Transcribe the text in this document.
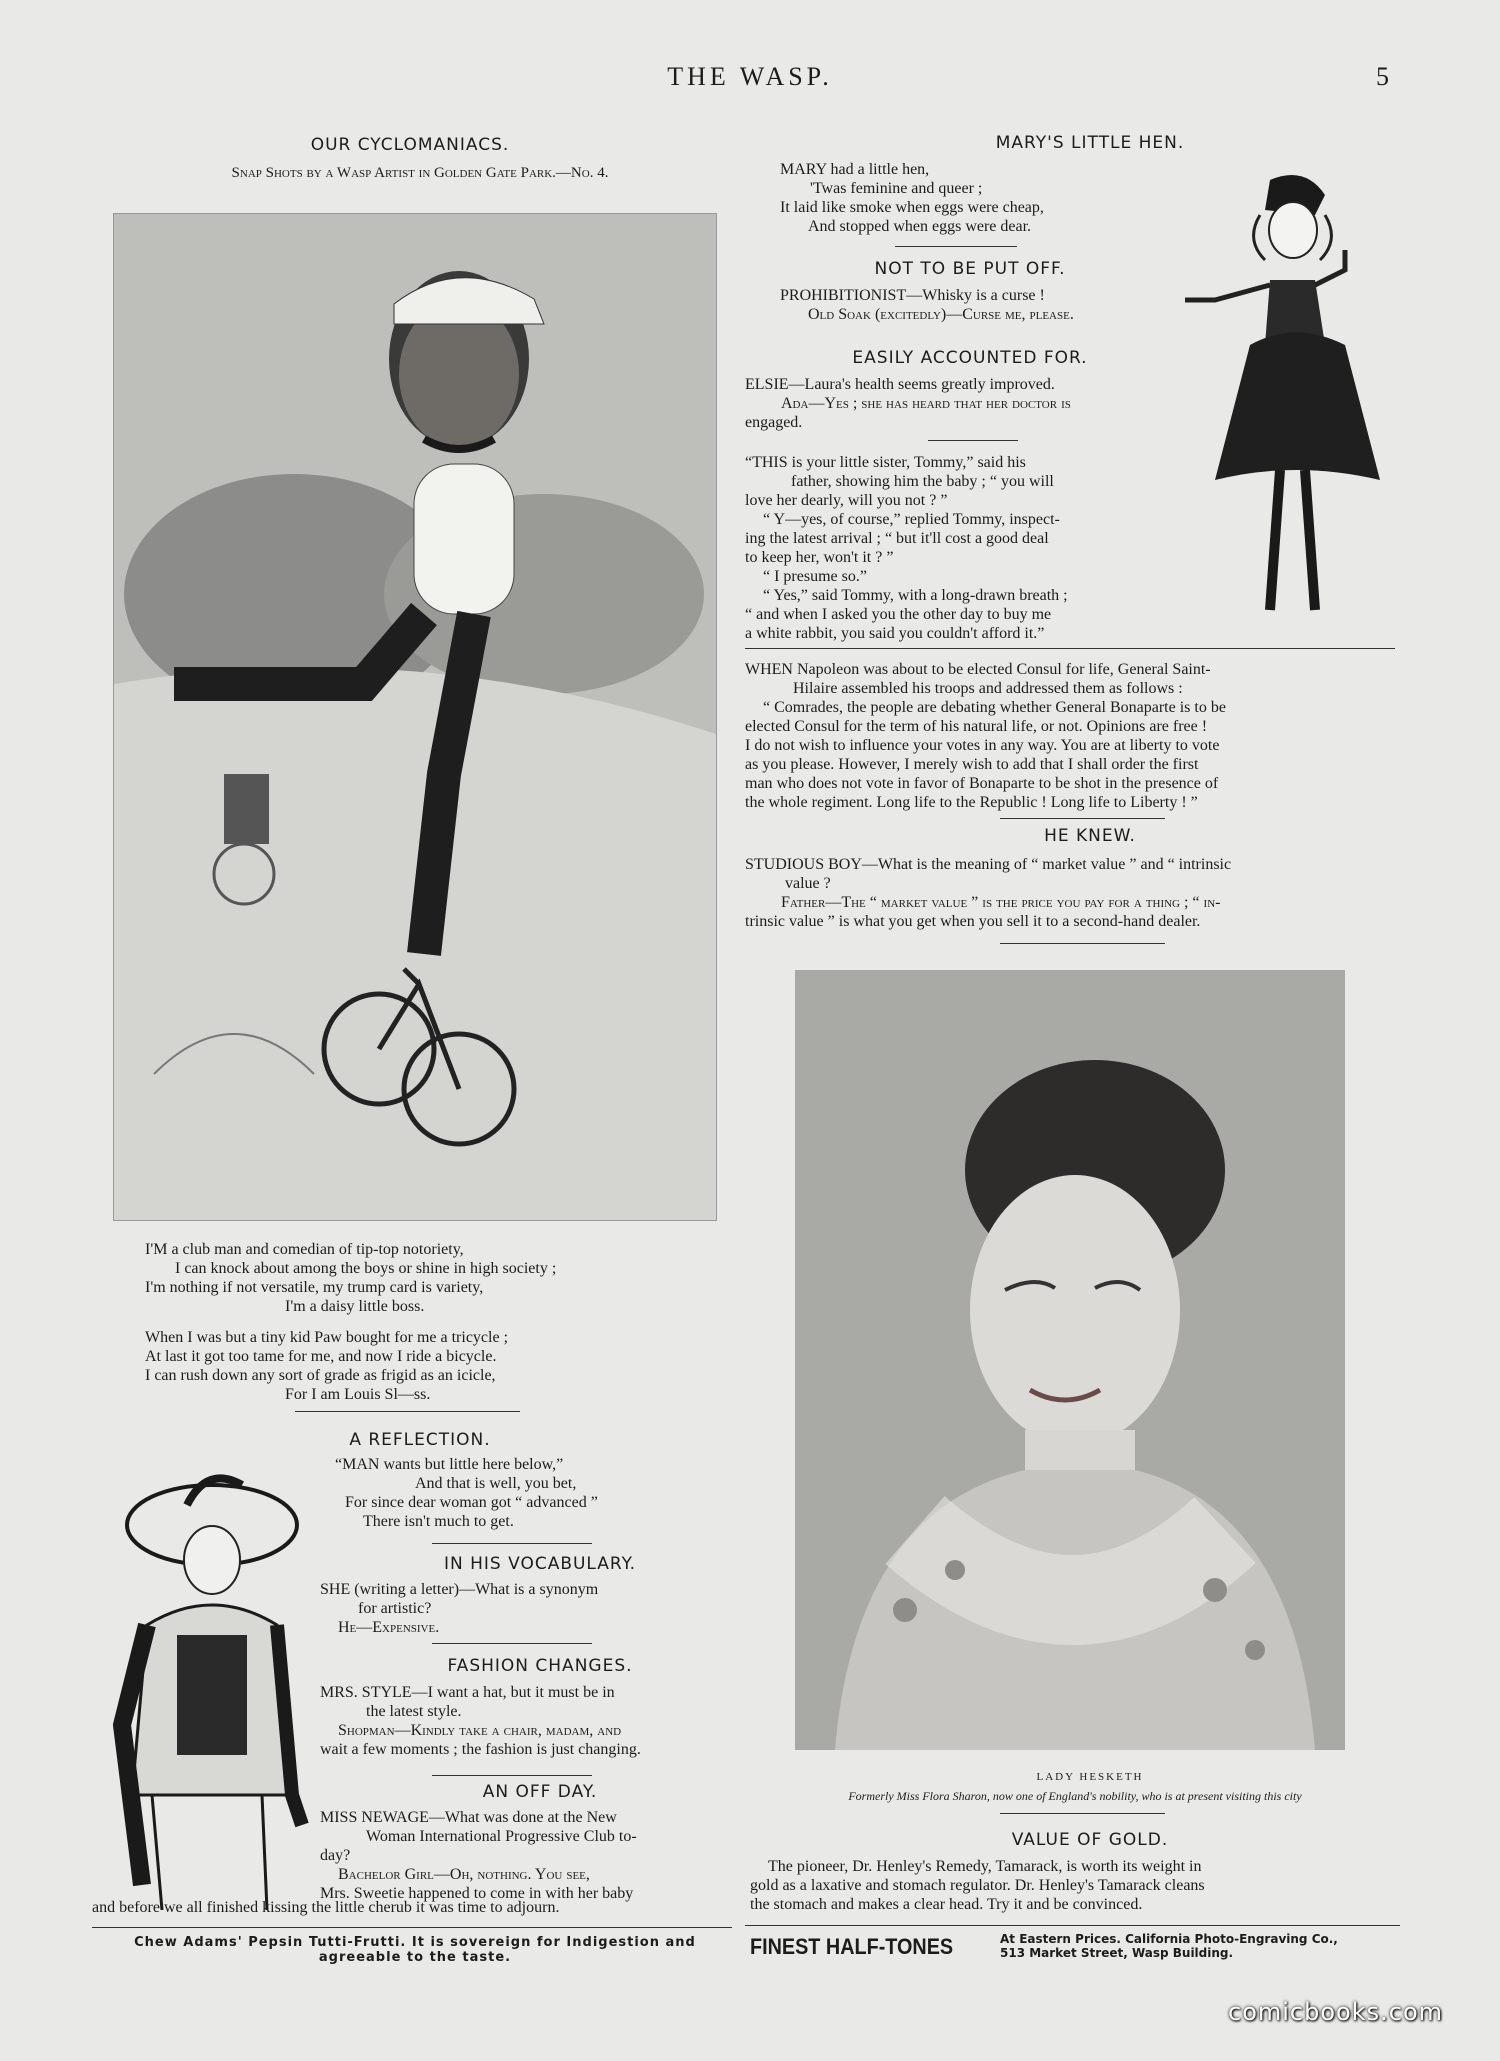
THE WASP.	5
OUR CYCLOMANIACS.
Snap Shots by a Wasp Artist in Golden Gate Park.—No. 4.

I'M a club man and comedian of tip-top notoriety,

I can knock about among the boys or shine in high society ;

I'm nothing if not versatile, my trump card is variety,

I'm a daisy little boss.

When I was but a tiny kid Paw bought for me a tricycle ;

At last it got too tame for me, and now I ride a bicycle.

I can rush down any sort of grade as frigid as an icicle,

For I am Louis Sl—ss.

A REFLECTION.

“MAN wants but little here below,”

And that is well, you bet,

For since dear woman got “ advanced ”

There isn't much to get.

IN HIS VOCABULARY.

SHE (writing a letter)—What is a synonym

for artistic?

He—Expensive.

FASHION CHANGES.

MRS. STYLE—I want a hat, but it must be in

the latest style.

Shopman—Kindly take a chair, madam, and

wait a few moments ; the fashion is just changing.

AN OFF DAY.

MISS NEWAGE—What was done at the New

Woman International Progressive Club to-

day?

Bachelor Girl—Oh, nothing. You see,

Mrs. Sweetie happened to come in with her baby

and before we all finished kissing the little cherub it was time to adjourn.
Chew Adams' Pepsin Tutti-Frutti. It is sovereign for Indigestion and agreeable to the taste.
MARY'S LITTLE HEN.

MARY had a little hen,

'Twas feminine and queer ;

It laid like smoke when eggs were cheap,

And stopped when eggs were dear.

NOT TO BE PUT OFF.

PROHIBITIONIST—Whisky is a curse !

Old Soak (excitedly)—Curse me, please.

EASILY ACCOUNTED FOR.

ELSIE—Laura's health seems greatly improved.

Ada—Yes ; she has heard that her doctor is

engaged.

“THIS is your little sister, Tommy,” said his

father, showing him the baby ; “ you will

love her dearly, will you not ? ”

“ Y—yes, of course,” replied Tommy, inspect-

ing the latest arrival ; “ but it'll cost a good deal

to keep her, won't it ? ”

“ I presume so.”

“ Yes,” said Tommy, with a long-drawn breath ;

“ and when I asked you the other day to buy me

a white rabbit, you said you couldn't afford it.”

WHEN Napoleon was about to be elected Consul for life, General Saint-

Hilaire assembled his troops and addressed them as follows :

“ Comrades, the people are debating whether General Bonaparte is to be

elected Consul for the term of his natural life, or not. Opinions are free !

I do not wish to influence your votes in any way. You are at liberty to vote

as you please. However, I merely wish to add that I shall order the first

man who does not vote in favor of Bonaparte to be shot in the presence of

the whole regiment. Long life to the Republic ! Long life to Liberty ! ”

HE KNEW.

STUDIOUS BOY—What is the meaning of “ market value ” and “ intrinsic

value ?

Father—The “ market value ” is the price you pay for a thing ; “ in-

trinsic value ” is what you get when you sell it to a second-hand dealer.

LADY HESKETH
Formerly Miss Flora Sharon, now one of England's nobility, who is at present visiting this city
VALUE OF GOLD.

The pioneer, Dr. Henley's Remedy, Tamarack, is worth its weight in

gold as a laxative and stomach regulator. Dr. Henley's Tamarack cleans

the stomach and makes a clear head. Try it and be convinced.

FINEST HALF-TONES	At Eastern Prices. California Photo-Engraving Co.,

513 Market Street, Wasp Building.

comicbooks.com
